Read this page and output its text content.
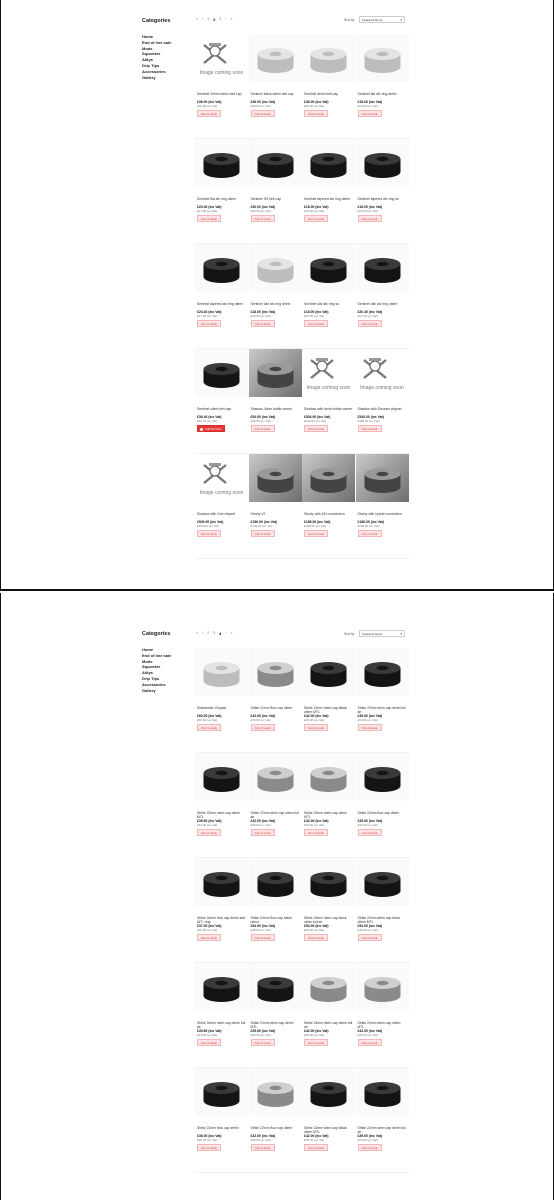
Categories
Home
End of line sale
Mods
Squonker
Alltys
Drip Tips
Accessories
Gallery
« ‹ 1 2 3 › »	Sort by:	Featured Items	▾
Image coming soon
Sentinel 24mm delrin bell cap
£36.00 (inc Vat)
£30.00 (ex Vat)
Out of stock
Sentinel black ultem bell cap
£36.00 (inc Vat)
£30.00 (ex Vat)
Out of stock
Sentinel delrin bell cap
£36.00 (inc Vat)
£30.00 (ex Vat)
Out of stock
Sentinel flat afc ring delrin
£18.00 (inc Vat)
£15.00 (ex Vat)
Out of stock
Sentinel flat afc ring ultem
£20.40 (inc Vat)
£17.00 (ex Vat)
Out of stock
Sentinel SS bell cap
£30.00 (inc Vat)
£25.00 (ex Vat)
Out of stock
Sentinel tapered afc ring delrin
£18.00 (inc Vat)
£15.00 (ex Vat)
Out of stock
Sentinel tapered afc ring ss
£18.00 (inc Vat)
£15.00 (ex Vat)
Out of stock
Sentinel tapered afc ring ultem
£20.40 (inc Vat)
£17.00 (ex Vat)
Out of stock
Sentinel ultz afc ring delrin
£18.00 (inc Vat)
£15.00 (ex Vat)
Out of stock
Sentinel ultz afc ring ss
£18.00 (inc Vat)
£15.00 (ex Vat)
Out of stock
Sentinel ultz afc ring ultem
£20.40 (inc Vat)
£17.00 (ex Vat)
Out of stock
Sentinel ultem bell cap
£36.40 (inc Vat)
£30.33 (ex Vat)
Add To Cart
Shadow 0ohm bottle carrier
£54.00 (inc Vat)
£45.00 (ex Vat)
Out of stock
Image coming soon
Shadow with delrin bottle carrier
£504.00 (inc Vat)
£420.00 (ex Vat)
Out of stock
Image coming soon
Shadow with Dicodes chipset
£540.00 (inc Vat)
£450.00 (ex Vat)
Out of stock
Image coming soon
Shadow with Gmi chipset
£540.00 (inc Vat)
£450.00 (ex Vat)
Out of stock
Shorty V2
£156.00 (inc Vat)
£130.00 (ex Vat)
Out of stock
Shorty with 510 connection
£186.00 (inc Vat)
£155.00 (ex Vat)
Out of stock
Shorty with hybrid connection
£186.00 (inc Vat)
£155.00 (ex Vat)
Out of stock
Categories
Home
End of line sale
Mods
Squonker
Alltys
Drip Tips
Accessories
Gallery
« ‹ 2 3 4 › »	Sort by:	Featured Items	▾
Sidewinder Chipset
£60.00 (inc Vat)
£50.00 (ex Vat)
Out of stock
Strike 22mm flow cap ultem
£42.00 (inc Vat)
£35.00 (ex Vat)
Out of stock
Strike 22mm stem cap Black ultem MTL
£42.00 (inc Vat)
£35.00 (ex Vat)
Out of stock
Strike 22mm stem cap delrin full air
£39.60 (inc Vat)
£33.00 (ex Vat)
Out of stock
Strike 22mm stem cap delrin MTL
£39.60 (inc Vat)
£33.00 (ex Vat)
Out of stock
Strike 22mm stem cap ultem full air
£42.00 (inc Vat)
£35.00 (ex Vat)
Out of stock
Strike 22mm stem cap ultem MTL
£42.00 (inc Vat)
£35.00 (ex Vat)
Out of stock
Strike 24mm flow cap delrin
£39.60 (inc Vat)
£33.00 (ex Vat)
Out of stock
Strike 24mm flow cap delrin and AFC ring
£37.00 (inc Vat)
£30.83 (ex Vat)
Out of stock
Strike 24mm flow cap black ultem
£54.00 (inc Vat)
£45.00 (ex Vat)
Out of stock
Strike 24mm stem cap black ultem full air
£54.00 (inc Vat)
£45.00 (ex Vat)
Out of stock
Strike 24mm stem cap black ultem MTL
£54.00 (inc Vat)
£45.00 (ex Vat)
Out of stock
Strike 24mm stem cap delrin full air
£39.60 (inc Vat)
£33.00 (ex Vat)
Out of stock
Strike 24mm stem cap delrin MTL
£39.60 (inc Vat)
£33.00 (ex Vat)
Out of stock
Strike 24mm stem cap ultem full air
£42.00 (inc Vat)
£35.00 (ex Vat)
Out of stock
Strike 24mm stem cap ultem MTL
£42.00 (inc Vat)
£35.00 (ex Vat)
Out of stock
Strike 22mm flow cap delrin
£36.00 (inc Vat)
£30.00 (ex Vat)
Out of stock
Strike 22mm flow cap ultem
£42.00 (inc Vat)
£35.00 (ex Vat)
Out of stock
Strike 22mm stem cap Black ultem MTL
£42.00 (inc Vat)
£35.00 (ex Vat)
Out of stock
Strike 22mm stem cap delrin full air
£39.60 (inc Vat)
£33.00 (ex Vat)
Out of stock
